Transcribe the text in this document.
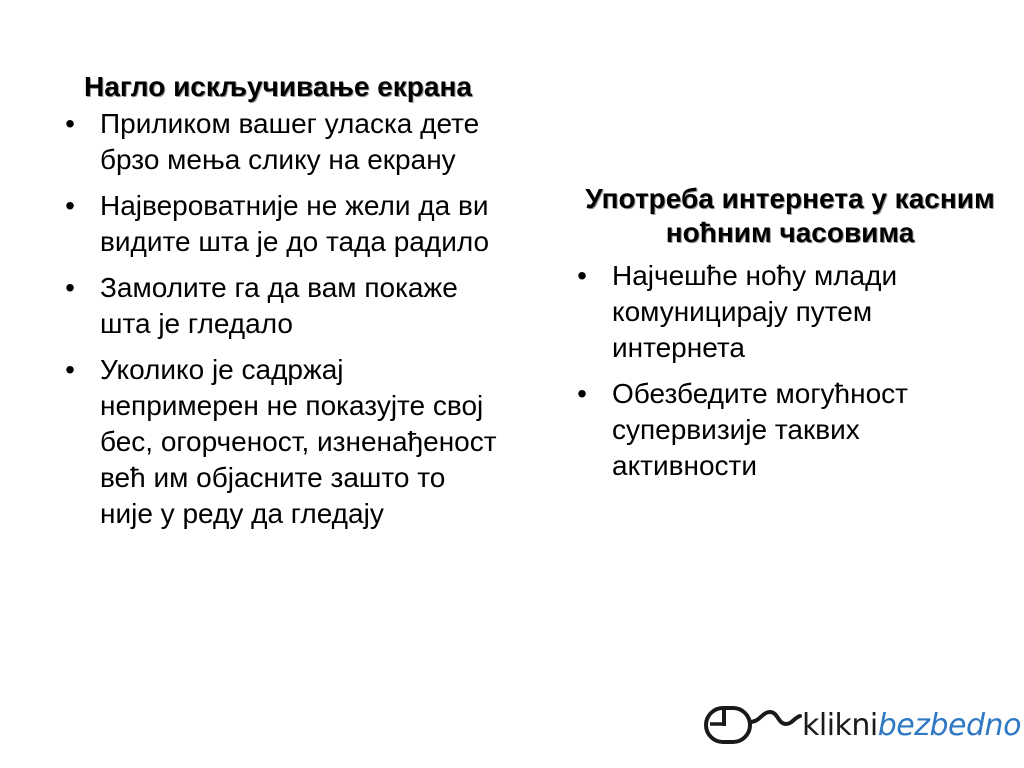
Нагло искључивање екрана
• Приликом вашег уласка дете брзо мења слику на екрану
• Највероватније не жели да ви видите шта је до тада радило
• Замолите га да вам покаже шта је гледало
• Уколико је садржај непримерен не показујте свој бес, огорченост, изненађеност већ им објасните зашто то није у реду да гледају
Употреба интернета у касним ноћним часовима
• Најчешће ноћу млади комуницирају путем интернета
• Обезбедите могућност супервизије таквих активности
kliknibezbedno
